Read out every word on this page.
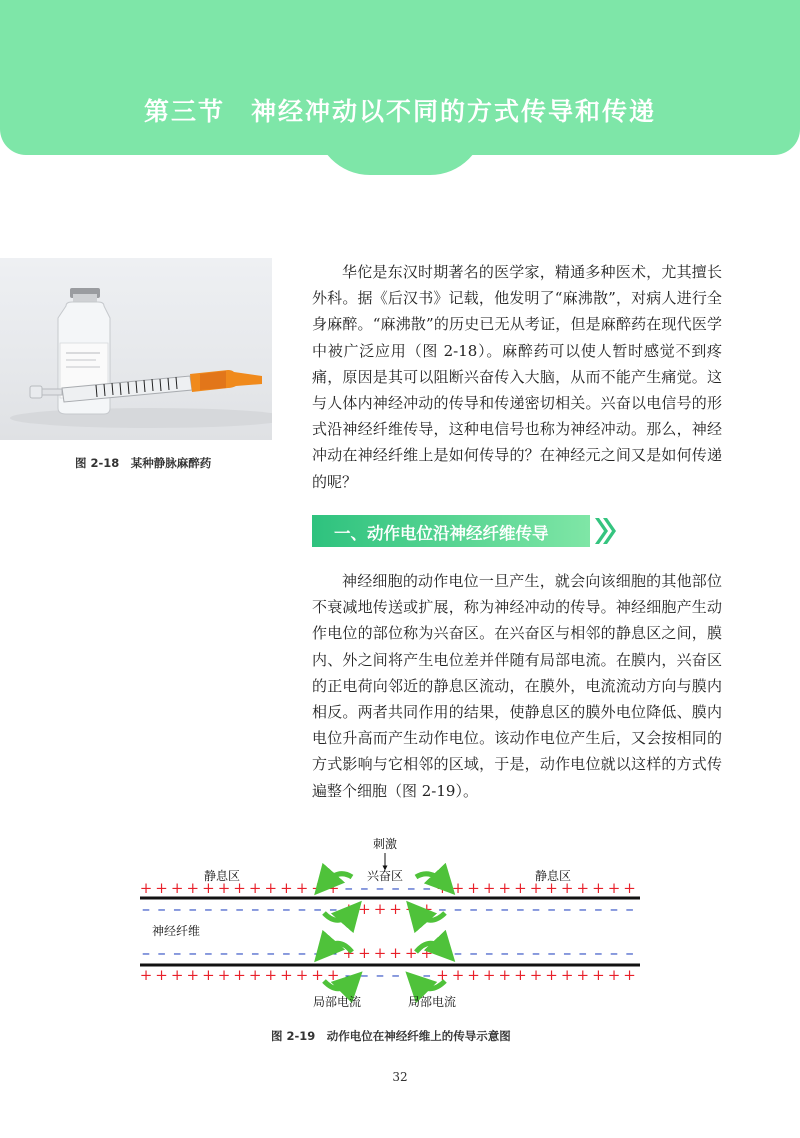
第三节 神经冲动以不同的方式传导和传递
图 2-18　某种静脉麻醉药

华佗是东汉时期著名的医学家，精通多种医术，尤其擅长外科。据《后汉书》记载，他发明了“麻沸散”，对病人进行全身麻醉。“麻沸散”的历史已无从考证，但是麻醉药在现代医学中被广泛应用（图 2-18）。麻醉药可以使人暂时感觉不到疼痛，原因是其可以阻断兴奋传入大脑，从而不能产生痛觉。这与人体内神经冲动的传导和传递密切相关。兴奋以电信号的形式沿神经纤维传导，这种电信号也称为神经冲动。那么，神经冲动在神经纤维上是如何传导的？在神经元之间又是如何传递的呢？

一、动作电位沿神经纤维传导

神经细胞的动作电位一旦产生，就会向该细胞的其他部位不衰减地传送或扩展，称为神经冲动的传导。神经细胞产生动作电位的部位称为兴奋区。在兴奋区与相邻的静息区之间，膜内、外之间将产生电位差并伴随有局部电流。在膜内，兴奋区的正电荷向邻近的静息区流动，在膜外，电流流动方向与膜内相反。两者共同作用的结果，使静息区的膜外电位降低、膜内电位升高而产生动作电位。该动作电位产生后，又会按相同的方式影响与它相邻的区域，于是，动作电位就以这样的方式传遍整个细胞（图 2-19）。

刺激
兴奋区
静息区	静息区
+ + + + + + + + + + + + + – – – – – – + + + + + + + + + + + + +
– – – – – – – – – – – – – + + + + + + – – – – – – – – – – – – –
神经纤维
– – – – – – – – – – – – – + + + + + + – – – – – – – – – – – – –
+ + + + + + + + + + + + + – – – – – – + + + + + + + + + + + + +
局部电流	局部电流
图 2-19　动作电位在神经纤维上的传导示意图
32
